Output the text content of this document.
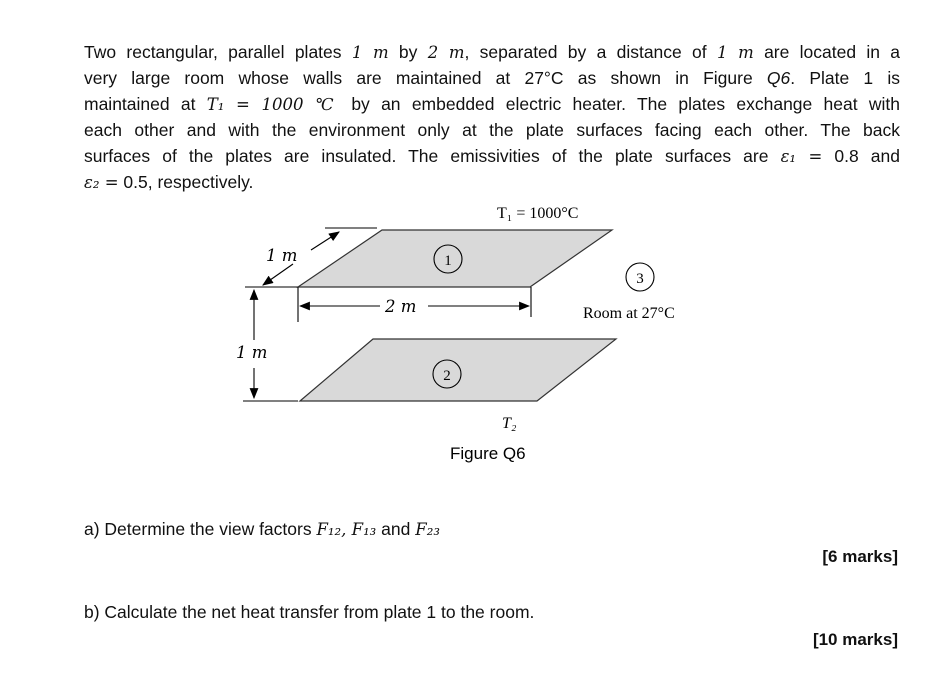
Two rectangular, parallel plates 1 m by 2 m, separated by a distance of 1 m are located in a
very large room whose walls are maintained at 27°C as shown in Figure Q6. Plate 1 is
maintained at T₁ = 1000 ℃ by an embedded electric heater. The plates exchange heat with
each other and with the environment only at the plate surfaces facing each other. The back
surfaces of the plates are insulated. The emissivities of the plate surfaces are ε₁ = 0.8 and
ε₂ = 0.5, respectively.
1
2
3
T₁ = 1000°C
T₂
Room at 27°C
1 m
2 m
1 m
Figure Q6
a) Determine the view factors F₁₂, F₁₃ and F₂₃
[6 marks]
b) Calculate the net heat transfer from plate 1 to the room.
[10 marks]
